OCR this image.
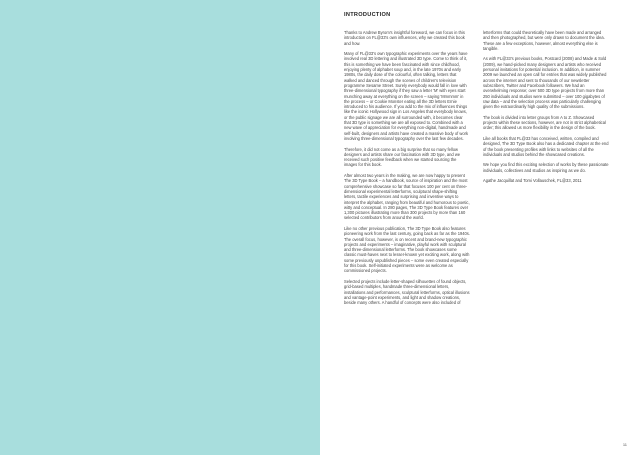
INTRODUCTION

Thanks to Andrew Byrom's insightful foreword, we can focus in this introduction on FL@33's own influences, why we created this book and how.

Many of FL@33's own typographic experiments over the years have involved real 3D lettering and illustrated 3D type. Come to think of it, this is something we have been fascinated with since childhood, enjoying plenty of alphabet soup and, in the late 1970s and early 1980s, the daily dose of the colourful, often talking, letters that walked and danced through the scenes of children's television programme Sesame Street. Surely everybody would fall in love with three-dimensional typography if they saw a letter 'M' with eyes start munching away at everything on the screen – saying 'Mmmmm' in the process – or Cookie Monster eating all the 3D letters Ernie introduced to his audience. If you add to the mix of influences things like the iconic Hollywood sign in Los Angeles that everybody knows, or the public signage we are all surrounded with, it becomes clear that 3D type is something we are all exposed to. Combined with a new wave of appreciation for everything non-digital, handmade and self-built, designers and artists have created a massive body of work involving three-dimensional typography over the last few decades.

Therefore, it did not come as a big surprise that so many fellow designers and artists share our fascination with 3D type, and we received such positive feedback when we started sourcing the images for this book.

After almost two years in the making, we are now happy to present The 3D Type Book – a handbook, source of inspiration and the most comprehensive showcase so far that focuses 100 per cent on three-dimensional experimental letterforms, sculptural shape-shifting letters, tactile experiences and surprising and inventive ways to interpret the alphabet, ranging from beautiful and humorous to poetic, witty and conceptual. In 280 pages, The 3D Type Book features over 1,300 pictures illustrating more than 300 projects by more than 160 selected contributors from around the world.

Like no other previous publication, The 3D Type Book also features pioneering work from the last century, going back as far as the 1940s. The overall focus, however, is on recent and brand-new typographic projects and experiments – imaginative, playful work with sculptural and three-dimensional letterforms. The book showcases some classic must-haves next to lesser-known yet exciting work, along with some previously unpublished pieces – some even created especially for this book. Self-initiated experiments were as welcome as commissioned projects.

Selected projects include letter-shaped silhouettes of found objects, grid-based multiples, handmade three-dimensional letters, installations and performances, sculptural letterforms, optical illusions and vantage-point experiments, and light and shadow creations, beside many others. A handful of concepts were also included of

letterforms that could theoretically have been made and arranged and then photographed, but were only drawn to document the idea. These are a few exceptions, however, almost everything else is tangible.

As with FL@33's previous books, Postcard (2008) and Made & Sold (2009), we hand-picked many designers and artists who received personal invitations for potential inclusion. In addition, in summer 2009 we launched an open call for entries that was widely published across the internet and sent to thousands of our newsletter subscribers, Twitter and Facebook followers. We had an overwhelming response; over 500 3D type projects from more than 250 individuals and studios were submitted – over 100 gigabytes of raw data – and the selection process was particularly challenging given the extraordinarily high quality of the submissions.

The book is divided into letter groups from A to Z. Showcased projects within these sections, however, are not in strict alphabetical order; this allowed us more flexibility in the design of the book.

Like all books that FL@33 has conceived, written, compiled and designed, The 3D Type Book also has a dedicated chapter at the end of the book presenting profiles with links to websites of all the individuals and studios behind the showcased creations.

We hope you find this exciting selection of works by these passionate individuals, collectives and studios as inspiring as we do.

Agathe Jacquillat and Tomi Vollauschek, FL@33, 2011

11
